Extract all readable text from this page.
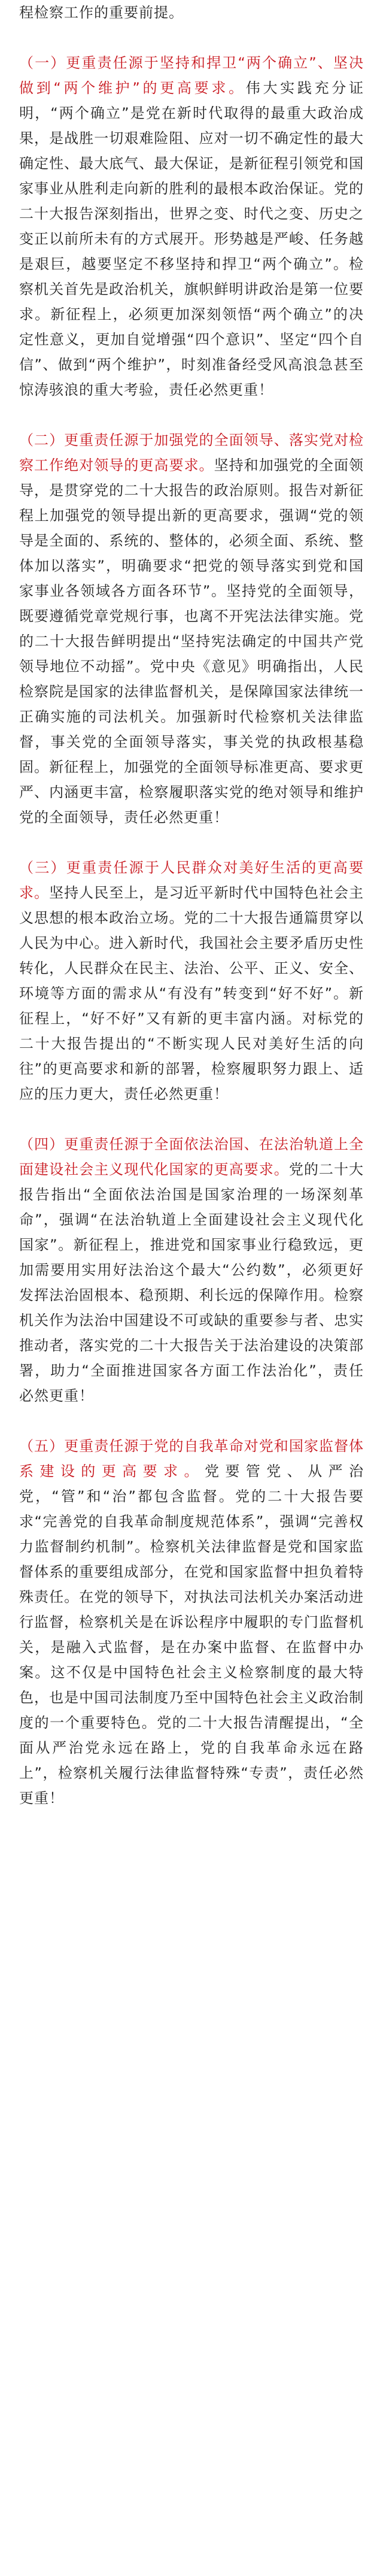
程检察工作的重要前提。

（一）更重责任源于坚持和捍卫“两个确立”、坚决做到“两个维护”的更高要求。伟大实践充分证明，“两个确立”是党在新时代取得的最重大政治成果，是战胜一切艰难险阻、应对一切不确定性的最大确定性、最大底气、最大保证，是新征程引领党和国家事业从胜利走向新的胜利的最根本政治保证。党的二十大报告深刻指出，世界之变、时代之变、历史之变正以前所未有的方式展开。形势越是严峻、任务越是艰巨，越要坚定不移坚持和捍卫“两个确立”。检察机关首先是政治机关，旗帜鲜明讲政治是第一位要求。新征程上，必须更加深刻领悟“两个确立”的决定性意义，更加自觉增强“四个意识”、坚定“四个自信”、做到“两个维护”，时刻准备经受风高浪急甚至惊涛骇浪的重大考验，责任必然更重！

（二）更重责任源于加强党的全面领导、落实党对检察工作绝对领导的更高要求。坚持和加强党的全面领导，是贯穿党的二十大报告的政治原则。报告对新征程上加强党的领导提出新的更高要求，强调“党的领导是全面的、系统的、整体的，必须全面、系统、整体加以落实”，明确要求“把党的领导落实到党和国家事业各领域各方面各环节”。坚持党的全面领导，既要遵循党章党规行事，也离不开宪法法律实施。党的二十大报告鲜明提出“坚持宪法确定的中国共产党领导地位不动摇”。党中央《意见》明确指出，人民检察院是国家的法律监督机关，是保障国家法律统一正确实施的司法机关。加强新时代检察机关法律监督，事关党的全面领导落实，事关党的执政根基稳固。新征程上，加强党的全面领导标准更高、要求更严、内涵更丰富，检察履职落实党的绝对领导和维护党的全面领导，责任必然更重！

（三）更重责任源于人民群众对美好生活的更高要求。坚持人民至上，是习近平新时代中国特色社会主义思想的根本政治立场。党的二十大报告通篇贯穿以人民为中心。进入新时代，我国社会主要矛盾历史性转化，人民群众在民主、法治、公平、正义、安全、环境等方面的需求从“有没有”转变到“好不好”。新征程上，“好不好”又有新的更丰富内涵。对标党的二十大报告提出的“不断实现人民对美好生活的向往”的更高要求和新的部署，检察履职努力跟上、适应的压力更大，责任必然更重！

（四）更重责任源于全面依法治国、在法治轨道上全面建设社会主义现代化国家的更高要求。党的二十大报告指出“全面依法治国是国家治理的一场深刻革命”，强调“在法治轨道上全面建设社会主义现代化国家”。新征程上，推进党和国家事业行稳致远，更加需要用实用好法治这个最大“公约数”，必须更好发挥法治固根本、稳预期、利长远的保障作用。检察机关作为法治中国建设不可或缺的重要参与者、忠实推动者，落实党的二十大报告关于法治建设的决策部署，助力“全面推进国家各方面工作法治化”，责任必然更重！

（五）更重责任源于党的自我革命对党和国家监督体系建设的更高要求。党要管党、从严治党，“管”和“治”都包含监督。党的二十大报告要求“完善党的自我革命制度规范体系”，强调“完善权力监督制约机制”。检察机关法律监督是党和国家监督体系的重要组成部分，在党和国家监督中担负着特殊责任。在党的领导下，对执法司法机关办案活动进行监督，检察机关是在诉讼程序中履职的专门监督机关，是融入式监督，是在办案中监督、在监督中办案。这不仅是中国特色社会主义检察制度的最大特色，也是中国司法制度乃至中国特色社会主义政治制度的一个重要特色。党的二十大报告清醒提出，“全面从严治党永远在路上，党的自我革命永远在路上”，检察机关履行法律监督特殊“专责”，责任必然更重！
